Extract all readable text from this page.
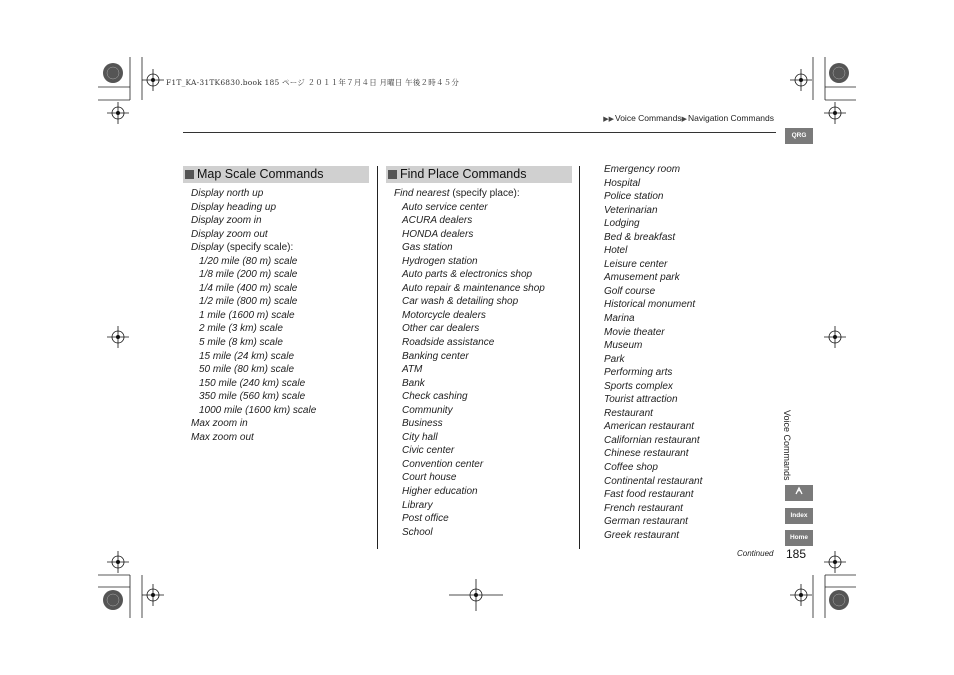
F1T_KA-31TK6830.book 185 ページ ２０１１年７月４日 月曜日 午後２時４５分
▶▶Voice Commands▶Navigation Commands
Map Scale Commands
Display north up
Display heading up
Display zoom in
Display zoom out
Display (specify scale):
1/20 mile (80 m) scale
1/8 mile (200 m) scale
1/4 mile (400 m) scale
1/2 mile (800 m) scale
1 mile (1600 m) scale
2 mile (3 km) scale
5 mile (8 km) scale
15 mile (24 km) scale
50 mile (80 km) scale
150 mile (240 km) scale
350 mile (560 km) scale
1000 mile (1600 km) scale
Max zoom in
Max zoom out
Find Place Commands
Find nearest (specify place):
Auto service center
ACURA dealers
HONDA dealers
Gas station
Hydrogen station
Auto parts & electronics shop
Auto repair & maintenance shop
Car wash & detailing shop
Motorcycle dealers
Other car dealers
Roadside assistance
Banking center
ATM
Bank
Check cashing
Community
Business
City hall
Civic center
Convention center
Court house
Higher education
Library
Post office
School
Emergency room
Hospital
Police station
Veterinarian
Lodging
Bed & breakfast
Hotel
Leisure center
Amusement park
Golf course
Historical monument
Marina
Movie theater
Museum
Park
Performing arts
Sports complex
Tourist attraction
Restaurant
American restaurant
Californian restaurant
Chinese restaurant
Coffee shop
Continental restaurant
Fast food restaurant
French restaurant
German restaurant
Greek restaurant
QRG
Voice Commands
Index
Home
Continued 185
